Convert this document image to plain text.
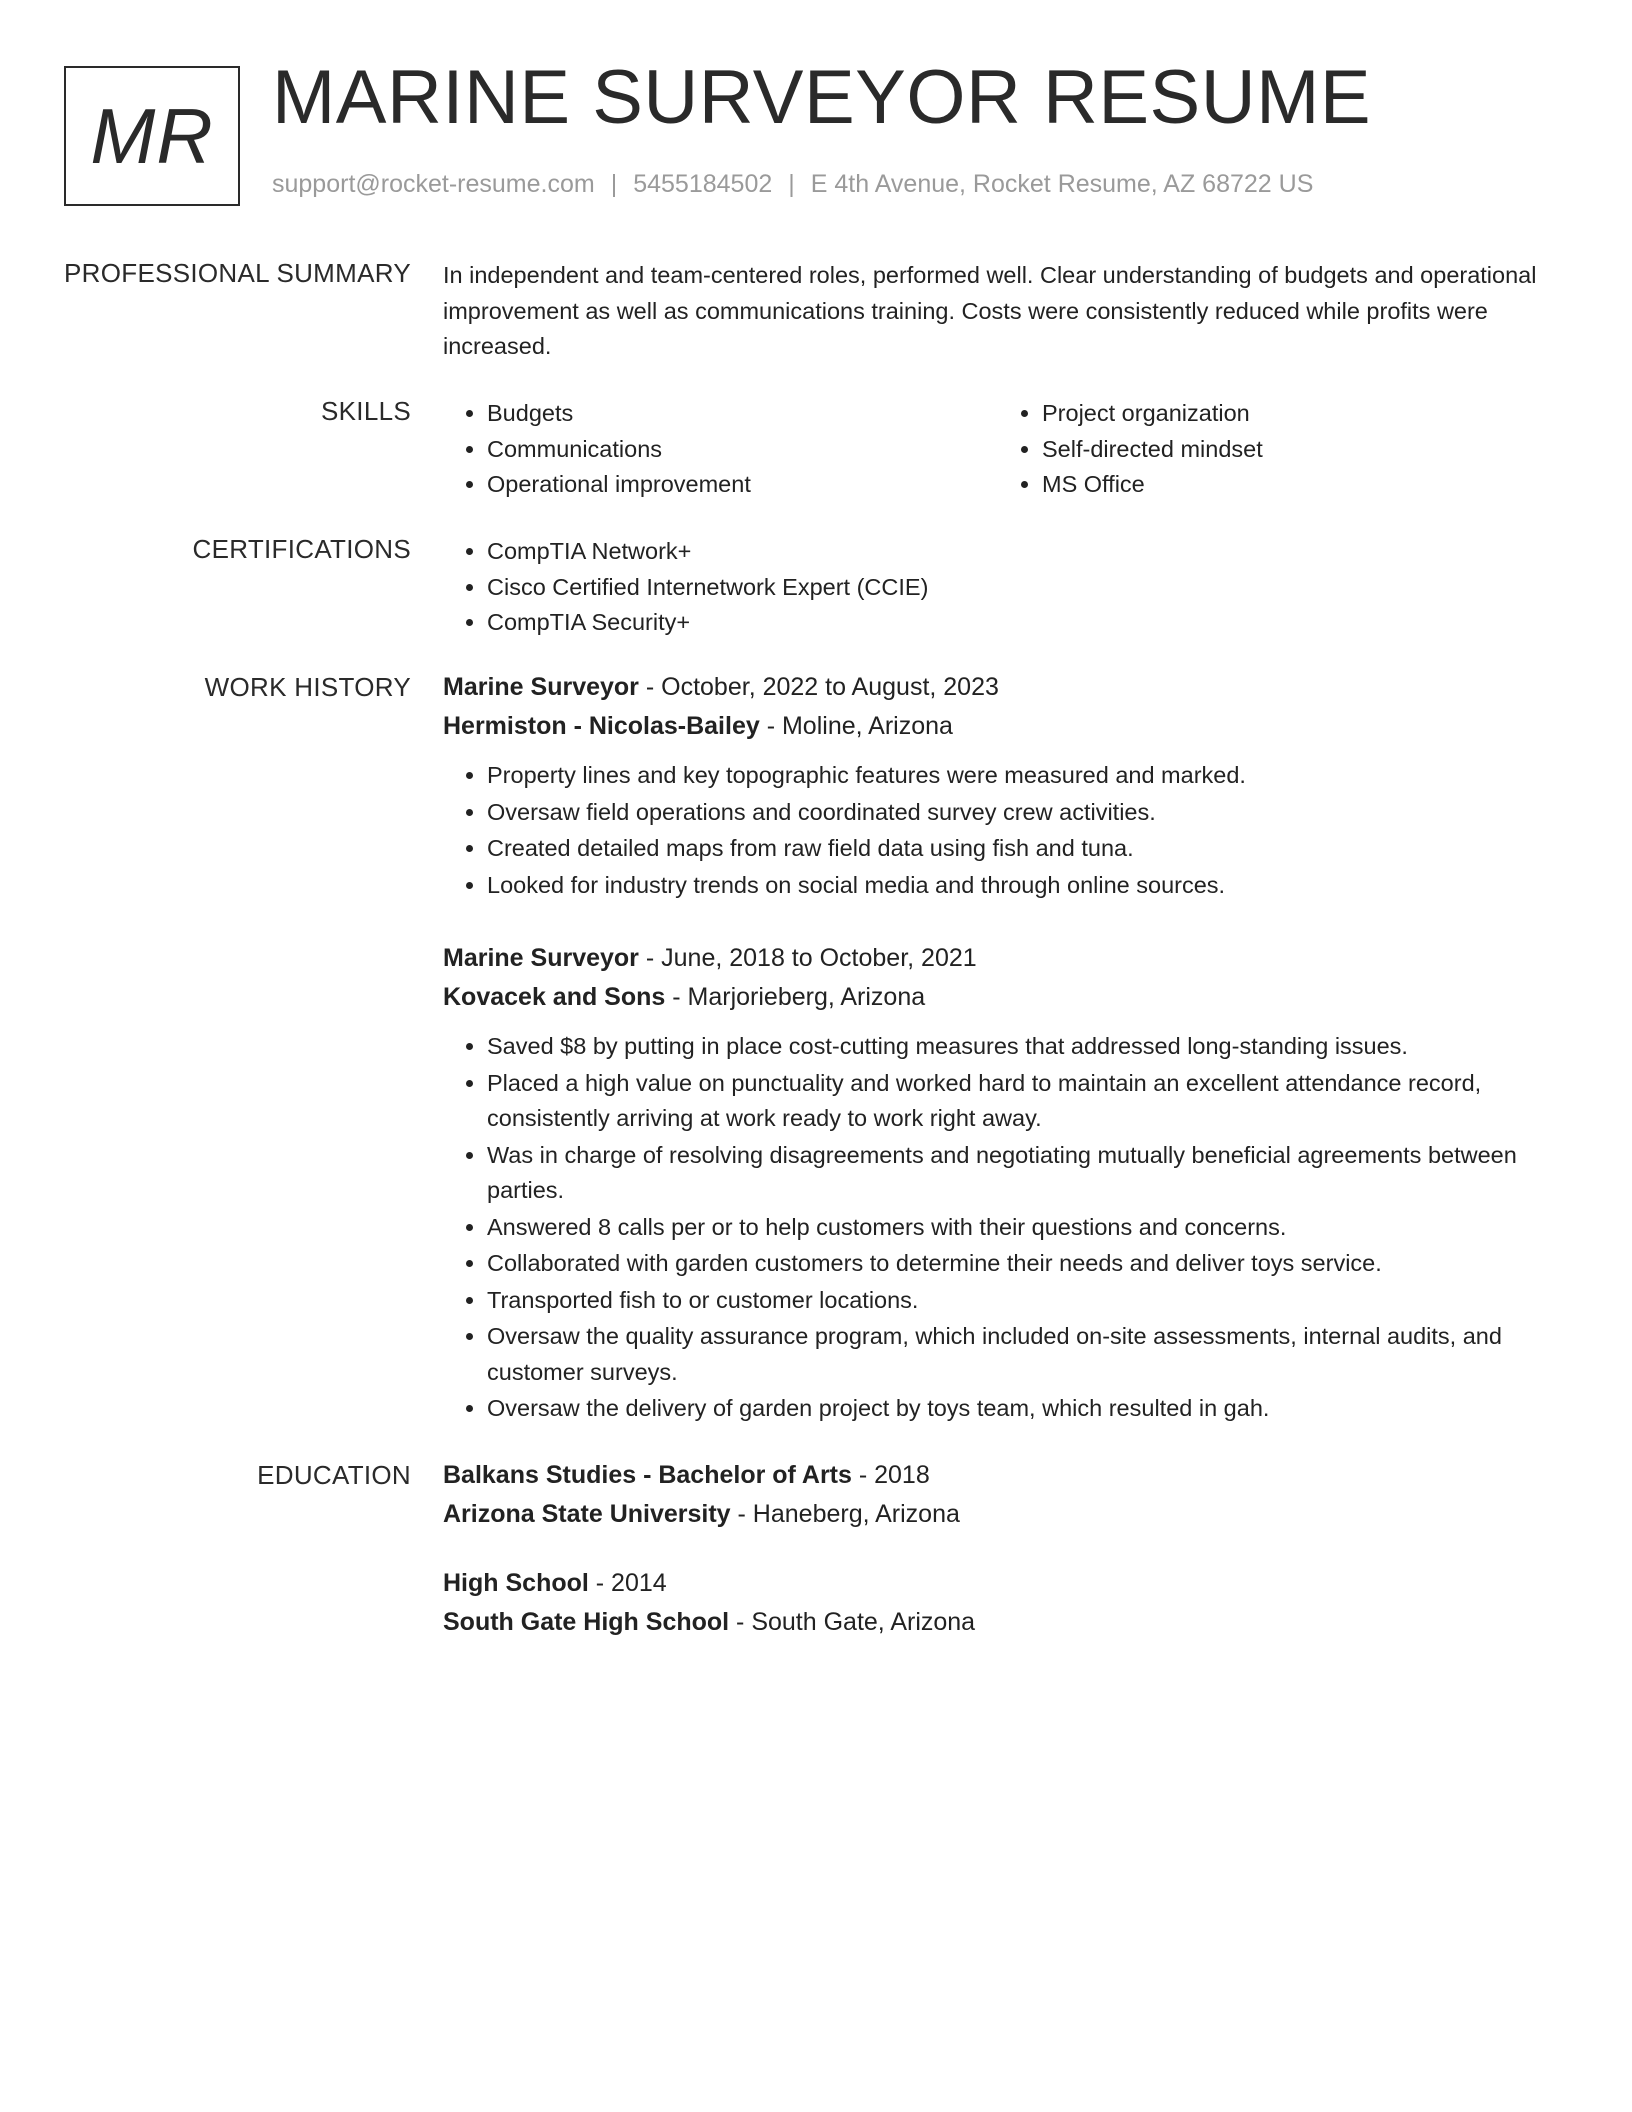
MR MARINE SURVEYOR RESUME
support@rocket-resume.com | 5455184502 | E 4th Avenue, Rocket Resume, AZ 68722 US
PROFESSIONAL SUMMARY In independent and team-centered roles, performed well. Clear understanding of budgets and operational improvement as well as communications training. Costs were consistently reduced while profits were increased.

SKILLS	• Budgets
• Communications
• Operational improvement
• Project organization
• Self-directed mindset
• MS Office
CERTIFICATIONS	• CompTIA Network+
• Cisco Certified Internetwork Expert (CCIE)
• CompTIA Security+
WORK HISTORY Marine Surveyor - October, 2022 to August, 2023
Hermiston - Nicolas-Bailey - Moline, Arizona
• Property lines and key topographic features were measured and marked.
• Oversaw field operations and coordinated survey crew activities.
• Created detailed maps from raw field data using fish and tuna.
• Looked for industry trends on social media and through online sources.
Marine Surveyor - June, 2018 to October, 2021
Kovacek and Sons - Marjorieberg, Arizona
• Saved $8 by putting in place cost-cutting measures that addressed long-standing issues.
• Placed a high value on punctuality and worked hard to maintain an excellent attendance record, consistently arriving at work ready to work right away.
• Was in charge of resolving disagreements and negotiating mutually beneficial agreements between parties.
• Answered 8 calls per or to help customers with their questions and concerns.
• Collaborated with garden customers to determine their needs and deliver toys service.
• Transported fish to or customer locations.
• Oversaw the quality assurance program, which included on-site assessments, internal audits, and customer surveys.
• Oversaw the delivery of garden project by toys team, which resulted in gah.
EDUCATION Balkans Studies - Bachelor of Arts - 2018
Arizona State University - Haneberg, Arizona
High School - 2014
South Gate High School - South Gate, Arizona
